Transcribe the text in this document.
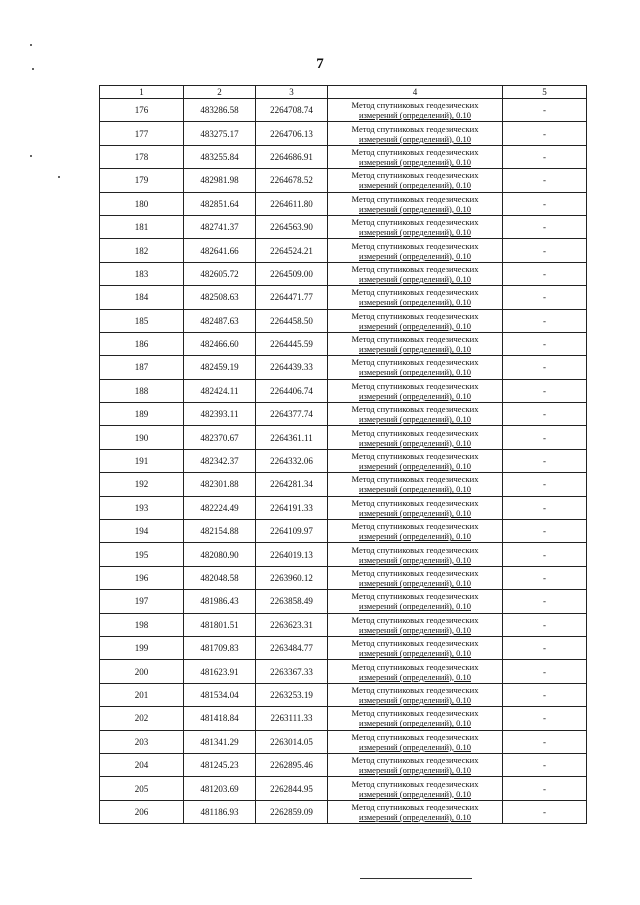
7
1	2	3	4	5
176	483286.58	2264708.74	Метод спутниковых геодезических
измерений (определений), 0.10	-
177	483275.17	2264706.13	Метод спутниковых геодезических
измерений (определений), 0.10	-
178	483255.84	2264686.91	Метод спутниковых геодезических
измерений (определений), 0.10	-
179	482981.98	2264678.52	Метод спутниковых геодезических
измерений (определений), 0.10	-
180	482851.64	2264611.80	Метод спутниковых геодезических
измерений (определений), 0.10	-
181	482741.37	2264563.90	Метод спутниковых геодезических
измерений (определений), 0.10	-
182	482641.66	2264524.21	Метод спутниковых геодезических
измерений (определений), 0.10	-
183	482605.72	2264509.00	Метод спутниковых геодезических
измерений (определений), 0.10	-
184	482508.63	2264471.77	Метод спутниковых геодезических
измерений (определений), 0.10	-
185	482487.63	2264458.50	Метод спутниковых геодезических
измерений (определений), 0.10	-
186	482466.60	2264445.59	Метод спутниковых геодезических
измерений (определений), 0.10	-
187	482459.19	2264439.33	Метод спутниковых геодезических
измерений (определений), 0.10	-
188	482424.11	2264406.74	Метод спутниковых геодезических
измерений (определений), 0.10	-
189	482393.11	2264377.74	Метод спутниковых геодезических
измерений (определений), 0.10	-
190	482370.67	2264361.11	Метод спутниковых геодезических
измерений (определений), 0.10	-
191	482342.37	2264332.06	Метод спутниковых геодезических
измерений (определений), 0.10	-
192	482301.88	2264281.34	Метод спутниковых геодезических
измерений (определений), 0.10	-
193	482224.49	2264191.33	Метод спутниковых геодезических
измерений (определений), 0.10	-
194	482154.88	2264109.97	Метод спутниковых геодезических
измерений (определений), 0.10	-
195	482080.90	2264019.13	Метод спутниковых геодезических
измерений (определений), 0.10	-
196	482048.58	2263960.12	Метод спутниковых геодезических
измерений (определений), 0.10	-
197	481986.43	2263858.49	Метод спутниковых геодезических
измерений (определений), 0.10	-
198	481801.51	2263623.31	Метод спутниковых геодезических
измерений (определений), 0.10	-
199	481709.83	2263484.77	Метод спутниковых геодезических
измерений (определений), 0.10	-
200	481623.91	2263367.33	Метод спутниковых геодезических
измерений (определений), 0.10	-
201	481534.04	2263253.19	Метод спутниковых геодезических
измерений (определений), 0.10	-
202	481418.84	2263111.33	Метод спутниковых геодезических
измерений (определений), 0.10	-
203	481341.29	2263014.05	Метод спутниковых геодезических
измерений (определений), 0.10	-
204	481245.23	2262895.46	Метод спутниковых геодезических
измерений (определений), 0.10	-
205	481203.69	2262844.95	Метод спутниковых геодезических
измерений (определений), 0.10	-
206	481186.93	2262859.09	Метод спутниковых геодезических
измерений (определений), 0.10	-
